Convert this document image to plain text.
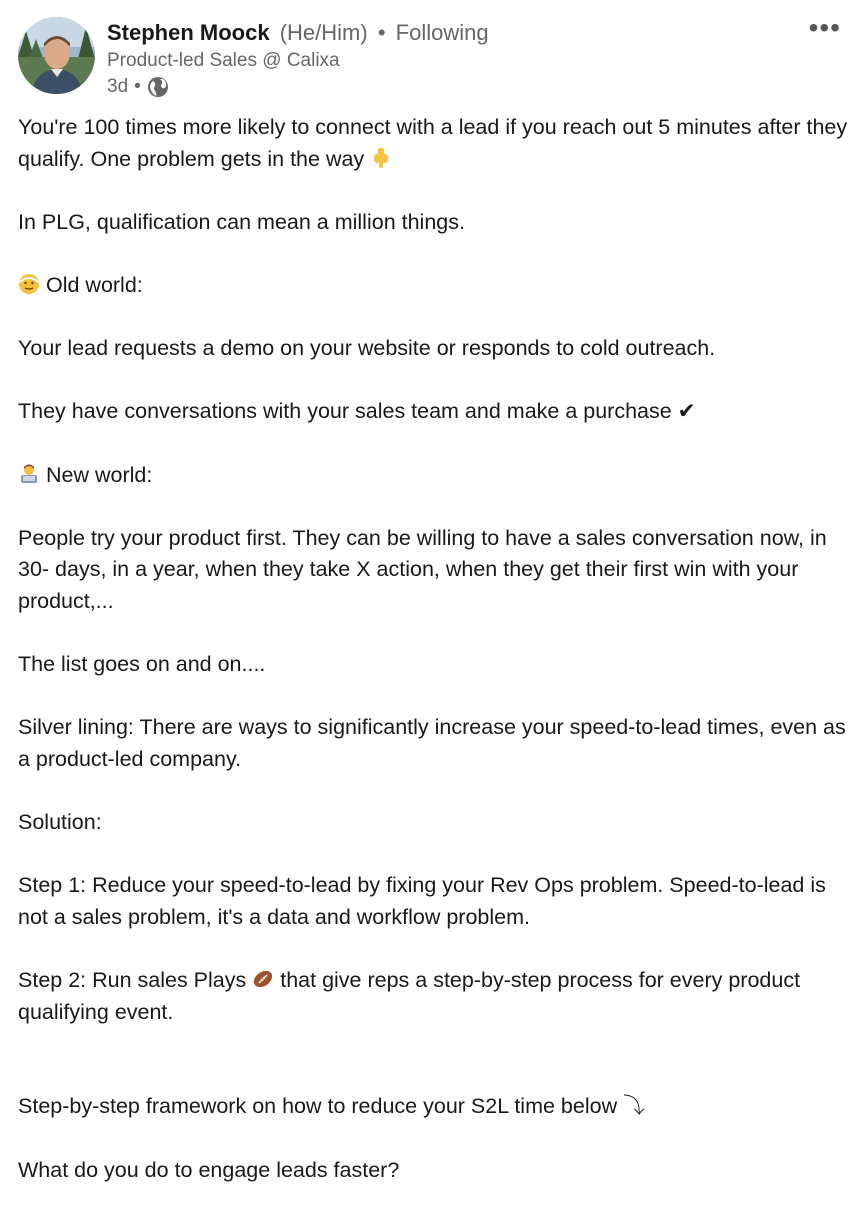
Stephen Moock (He/Him) • Following
Product-led Sales @ Calixa
3d •
•••

You're 100 times more likely to connect with a lead if you reach out 5 minutes after they qualify. One problem gets in the way

In PLG, qualification can mean a million things.

Old world:

Your lead requests a demo on your website or responds to cold outreach.

They have conversations with your sales team and make a purchase ✔

New world:

People try your product first. They can be willing to have a sales conversation now, in 30- days, in a year, when they take X action, when they get their first win with your product,...

The list goes on and on....

Silver lining: There are ways to significantly increase your speed-to-lead times, even as a product-led company.

Solution:

Step 1: Reduce your speed-to-lead by fixing your Rev Ops problem. Speed-to-lead is not a sales problem, it's a data and workflow problem.

Step 2: Run sales Plays that give reps a step-by-step process for every product qualifying event.

Step-by-step framework on how to reduce your S2L time below ⤵

What do you do to engage leads faster?
